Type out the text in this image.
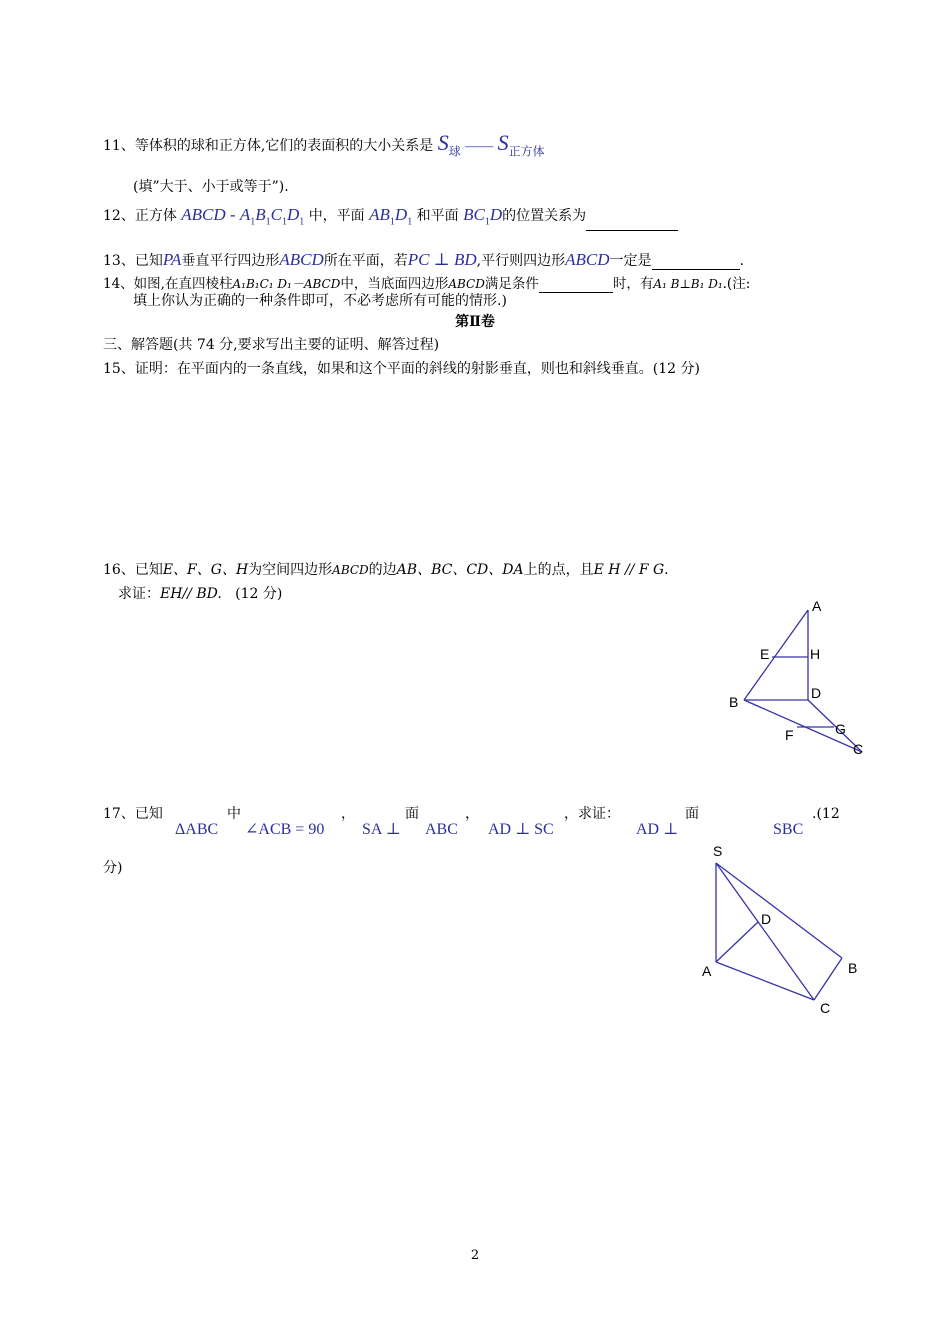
11、等体积的球和正方体,它们的表面积的大小关系是 $S_球$ —— $S_{正方体}$
(填”大于、小于或等于”).
12、正方体 ABCD - $A_1B_1C_1D_1$ 中，平面 $AB_1D_1$ 和平面 $BC_1D$的位置关系为
13、已知PA垂直平行四边形ABCD所在平面，若PC ⊥ BD,平行则四边形ABCD一定是	.
14、如图,在直四棱柱A₁B₁C₁ D₁－ABCD中，当底面四边形ABCD满足条件	时，有A₁ B⊥B₁ D₁.(注:
填上你认为正确的一种条件即可，不必考虑所有可能的情形.)
第Ⅱ卷
三、解答题(共 74 分,要求写出主要的证明、解答过程)
15、证明：在平面内的一条直线，如果和这个平面的斜线的射影垂直，则也和斜线垂直。(12 分)
16、已知E、F、G、H为空间四边形ABCD的边AB、BC、CD、DA上的点，且E H // F G.
求证：EH// BD. (12 分)
A
E	H
B
D
G
F
C
17、已知
ΔABC
中
∠ACB = 90
，
SA ⊥
面
ABC
，
AD ⊥ SC
，求证：
AD ⊥
面
SBC
.(12
分)
S
D
A	B
C
2
